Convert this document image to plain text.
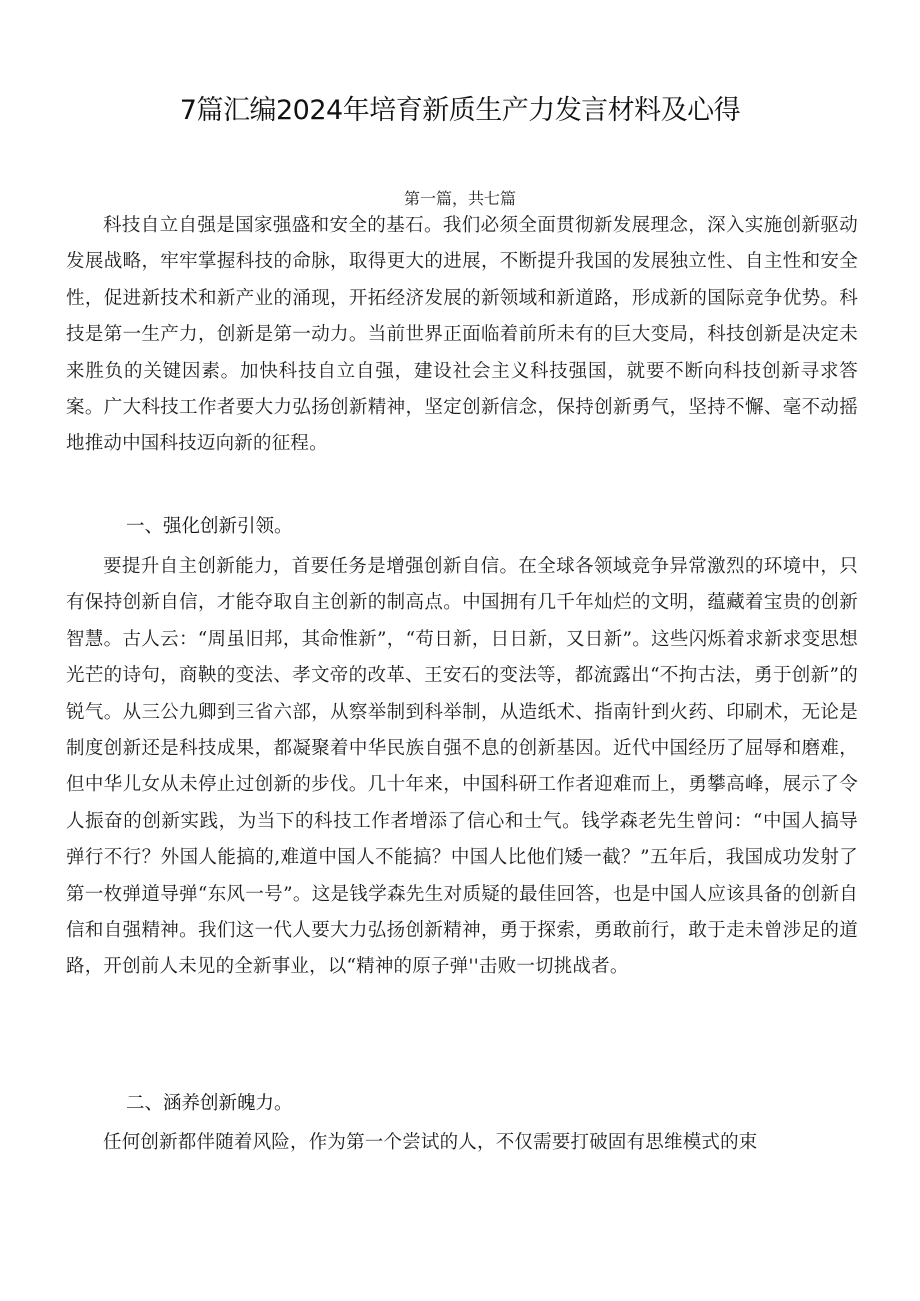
7篇汇编2024年培育新质生产力发言材料及心得
第一篇，共七篇
科技自立自强是国家强盛和安全的基石。我们必须全面贯彻新发展理念，深入实施创新驱动发展战略，牢牢掌握科技的命脉，取得更大的进展，不断提升我国的发展独立性、自主性和安全性，促进新技术和新产业的涌现，开拓经济发展的新领域和新道路，形成新的国际竞争优势。科技是第一生产力，创新是第一动力。当前世界正面临着前所未有的巨大变局，科技创新是决定未来胜负的关键因素。加快科技自立自强，建设社会主义科技强国，就要不断向科技创新寻求答案。广大科技工作者要大力弘扬创新精神，坚定创新信念，保持创新勇气，坚持不懈、毫不动摇地推动中国科技迈向新的征程。
一、强化创新引领。
要提升自主创新能力，首要任务是增强创新自信。在全球各领域竞争异常激烈的环境中，只有保持创新自信，才能夺取自主创新的制高点。中国拥有几千年灿烂的文明，蕴藏着宝贵的创新智慧。古人云：“周虽旧邦，其命惟新”，“苟日新，日日新，又日新”。这些闪烁着求新求变思想光芒的诗句，商鞅的变法、孝文帝的改革、王安石的变法等，都流露出“不拘古法，勇于创新”的锐气。从三公九卿到三省六部，从察举制到科举制，从造纸术、指南针到火药、印刷术，无论是制度创新还是科技成果，都凝聚着中华民族自强不息的创新基因。近代中国经历了屈辱和磨难，但中华儿女从未停止过创新的步伐。几十年来，中国科研工作者迎难而上，勇攀高峰，展示了令人振奋的创新实践，为当下的科技工作者增添了信心和士气。钱学森老先生曾问：“中国人搞导弹行不行？外国人能搞的,难道中国人不能搞？中国人比他们矮一截？”五年后，我国成功发射了第一枚弹道导弹“东风一号”。这是钱学森先生对质疑的最佳回答，也是中国人应该具备的创新自信和自强精神。我们这一代人要大力弘扬创新精神，勇于探索，勇敢前行，敢于走未曾涉足的道路，开创前人未见的全新事业，以“精神的原子弹''击败一切挑战者。
二、涵养创新魄力。
任何创新都伴随着风险，作为第一个尝试的人，不仅需要打破固有思维模式的束
